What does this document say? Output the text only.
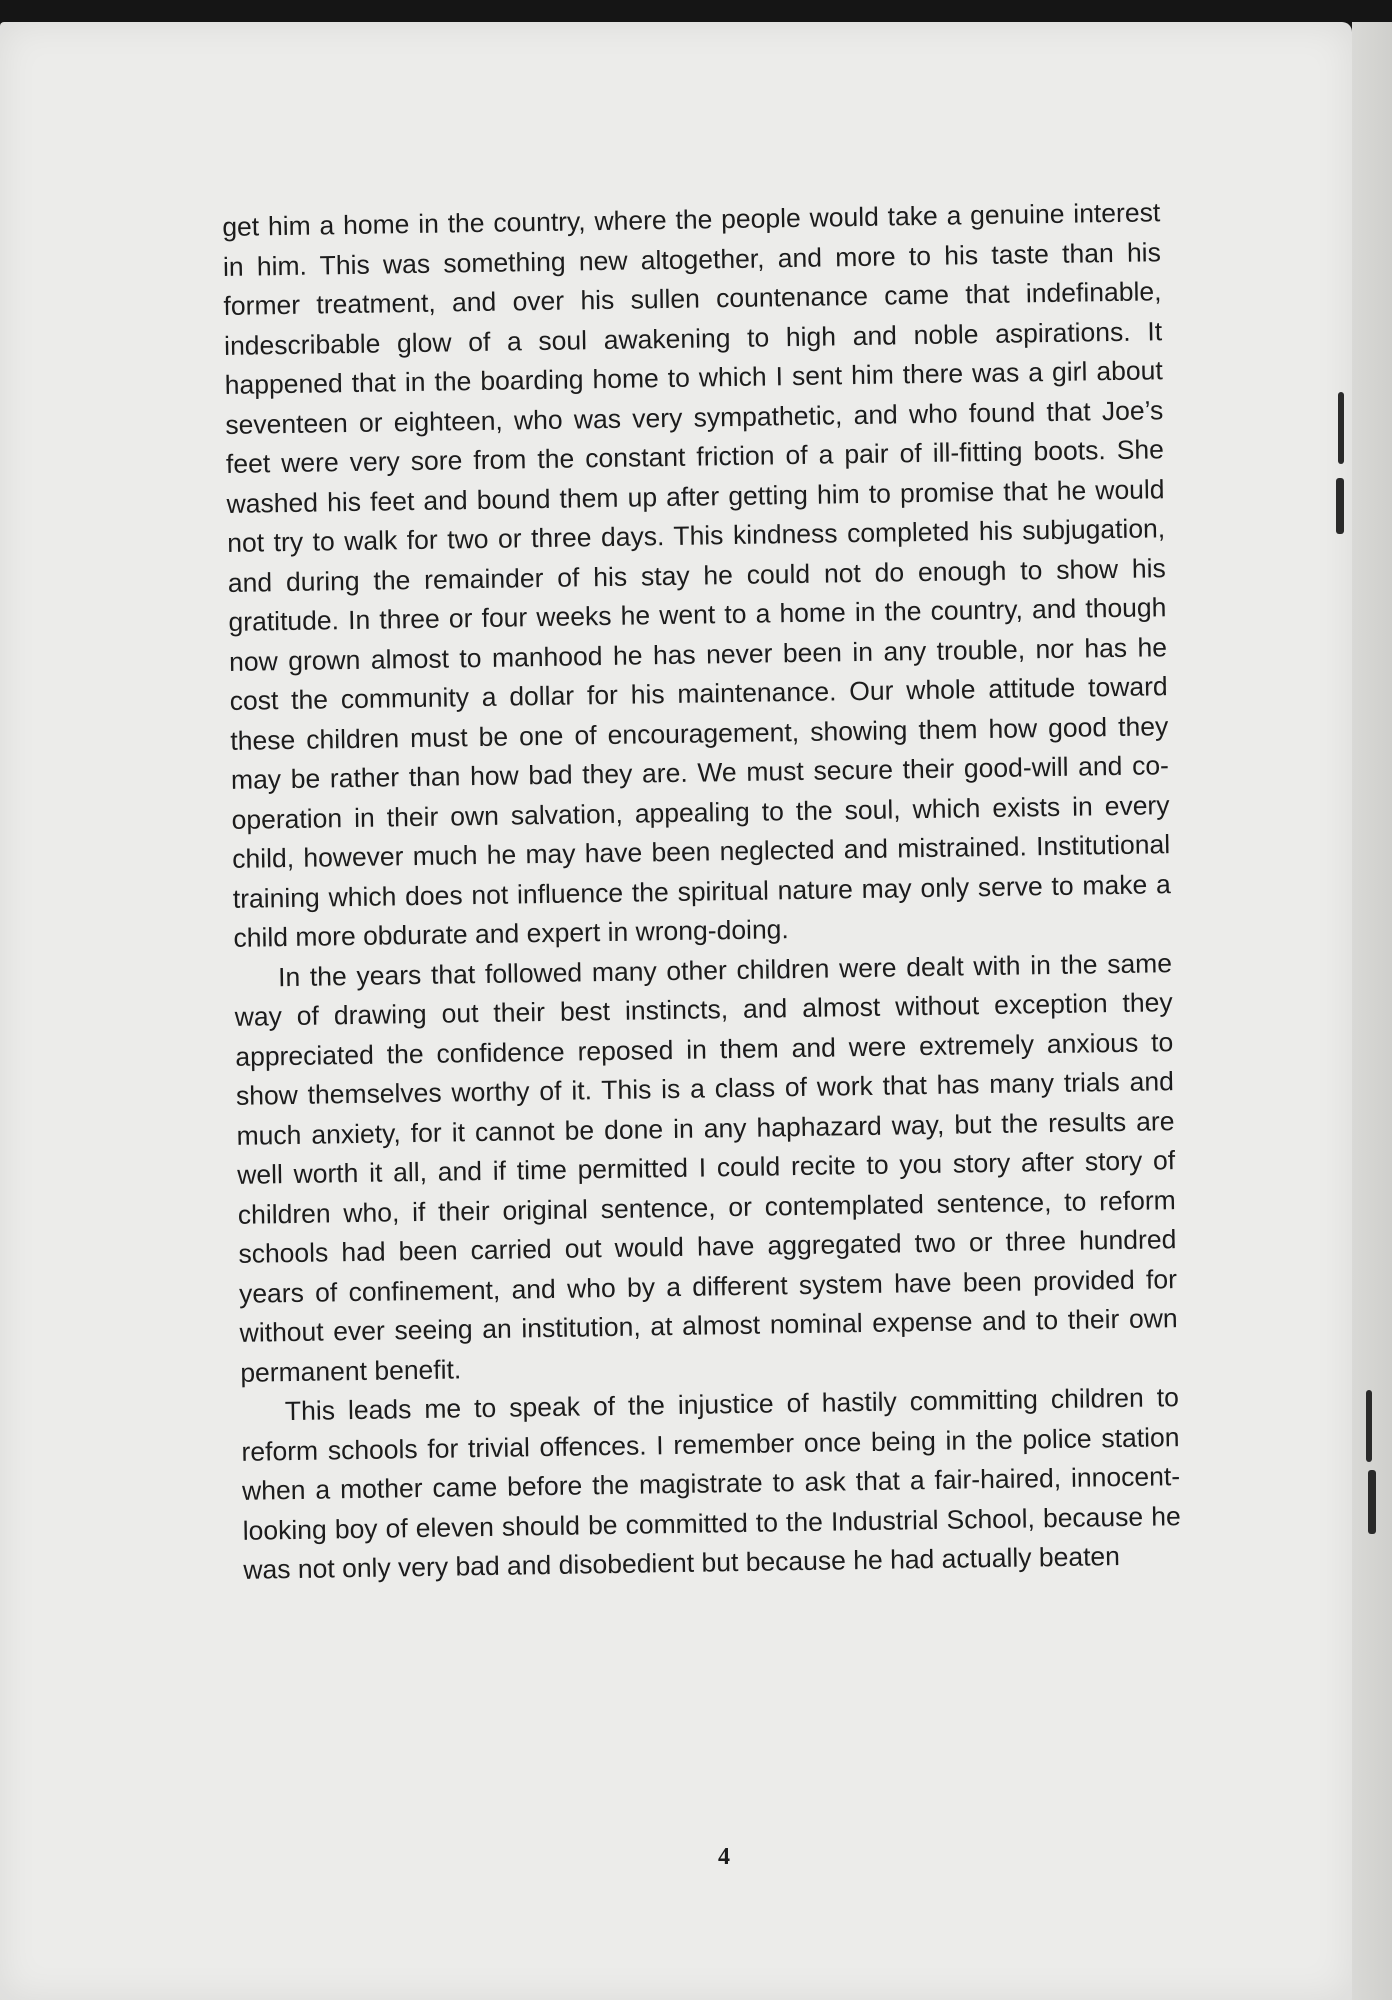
get him a home in the country, where the people would take a genuine interest in him. This was something new altogether, and more to his taste than his former treatment, and over his sullen countenance came that indefinable, indescribable glow of a soul awakening to high and noble aspirations. It happened that in the boarding home to which I sent him there was a girl about seventeen or eighteen, who was very sympathetic, and who found that Joe’s feet were very sore from the constant friction of a pair of ill-fitting boots. She washed his feet and bound them up after getting him to promise that he would not try to walk for two or three days. This kindness completed his subjugation, and during the remainder of his stay he could not do enough to show his gratitude. In three or four weeks he went to a home in the country, and though now grown almost to manhood he has never been in any trouble, nor has he cost the community a dollar for his maintenance. Our whole attitude toward these children must be one of encouragement, showing them how good they may be rather than how bad they are. We must secure their good-will and co-operation in their own salvation, appealing to the soul, which exists in every child, however much he may have been neglected and mistrained. Institutional training which does not influence the spiritual nature may only serve to make a child more obdurate and expert in wrong-doing.

In the years that followed many other children were dealt with in the same way of drawing out their best instincts, and almost without exception they appreciated the confidence reposed in them and were extremely anxious to show themselves worthy of it. This is a class of work that has many trials and much anxiety, for it cannot be done in any haphazard way, but the results are well worth it all, and if time permitted I could recite to you story after story of children who, if their original sentence, or contemplated sentence, to reform schools had been carried out would have aggregated two or three hundred years of confinement, and who by a different system have been provided for without ever seeing an institution, at almost nominal expense and to their own permanent benefit.

This leads me to speak of the injustice of hastily committing children to reform schools for trivial offences. I remember once being in the police station when a mother came before the magistrate to ask that a fair-haired, innocent-looking boy of eleven should be committed to the Industrial School, because he was not only very bad and disobedient but because he had actually beaten

4
